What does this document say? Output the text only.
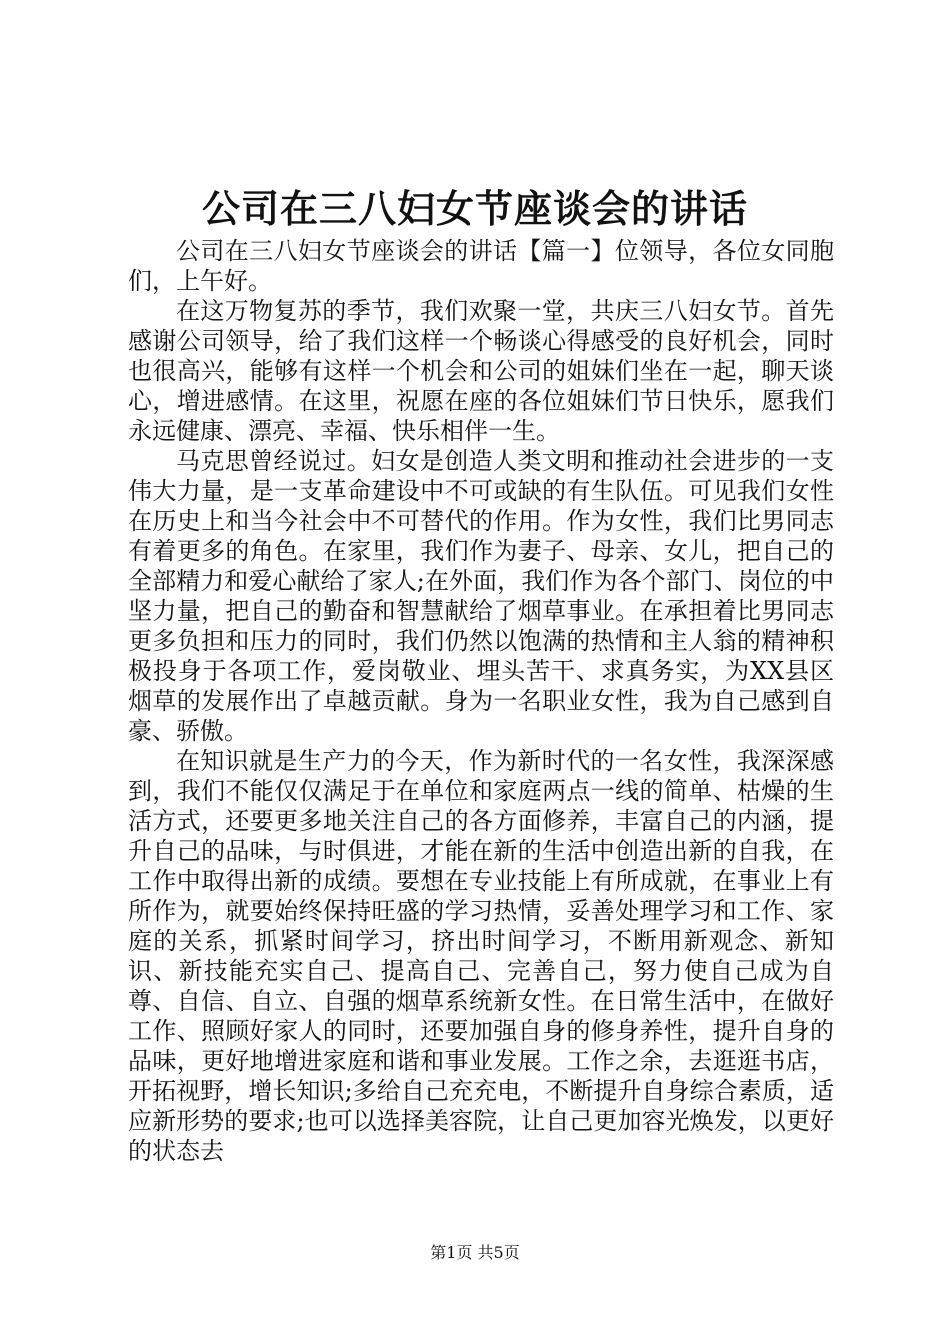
公司在三八妇女节座谈会的讲话

公司在三八妇女节座谈会的讲话【篇一】位领导，各位女同胞们，上午好。

在这万物复苏的季节，我们欢聚一堂，共庆三八妇女节。首先感谢公司领导，给了我们这样一个畅谈心得感受的良好机会，同时也很高兴，能够有这样一个机会和公司的姐妹们坐在一起，聊天谈心，增进感情。在这里，祝愿在座的各位姐妹们节日快乐，愿我们永远健康、漂亮、幸福、快乐相伴一生。

马克思曾经说过。妇女是创造人类文明和推动社会进步的一支伟大力量，是一支革命建设中不可或缺的有生队伍。可见我们女性在历史上和当今社会中不可替代的作用。作为女性，我们比男同志有着更多的角色。在家里，我们作为妻子、母亲、女儿，把自己的全部精力和爱心献给了家人;在外面，我们作为各个部门、岗位的中坚力量，把自己的勤奋和智慧献给了烟草事业。在承担着比男同志更多负担和压力的同时，我们仍然以饱满的热情和主人翁的精神积极投身于各项工作，爱岗敬业、埋头苦干、求真务实，为XX县区烟草的发展作出了卓越贡献。身为一名职业女性，我为自己感到自豪、骄傲。

在知识就是生产力的今天，作为新时代的一名女性，我深深感到，我们不能仅仅满足于在单位和家庭两点一线的简单、枯燥的生活方式，还要更多地关注自己的各方面修养，丰富自己的内涵，提升自己的品味，与时俱进，才能在新的生活中创造出新的自我，在工作中取得出新的成绩。要想在专业技能上有所成就，在事业上有所作为，就要始终保持旺盛的学习热情，妥善处理学习和工作、家庭的关系，抓紧时间学习，挤出时间学习，不断用新观念、新知识、新技能充实自己、提高自己、完善自己，努力使自己成为自尊、自信、自立、自强的烟草系统新女性。在日常生活中，在做好工作、照顾好家人的同时，还要加强自身的修身养性，提升自身的品味，更好地增进家庭和谐和事业发展。工作之余，去逛逛书店，开拓视野，增长知识;多给自己充充电，不断提升自身综合素质，适应新形势的要求;也可以选择美容院，让自己更加容光焕发，以更好的状态去

第1页 共5页
